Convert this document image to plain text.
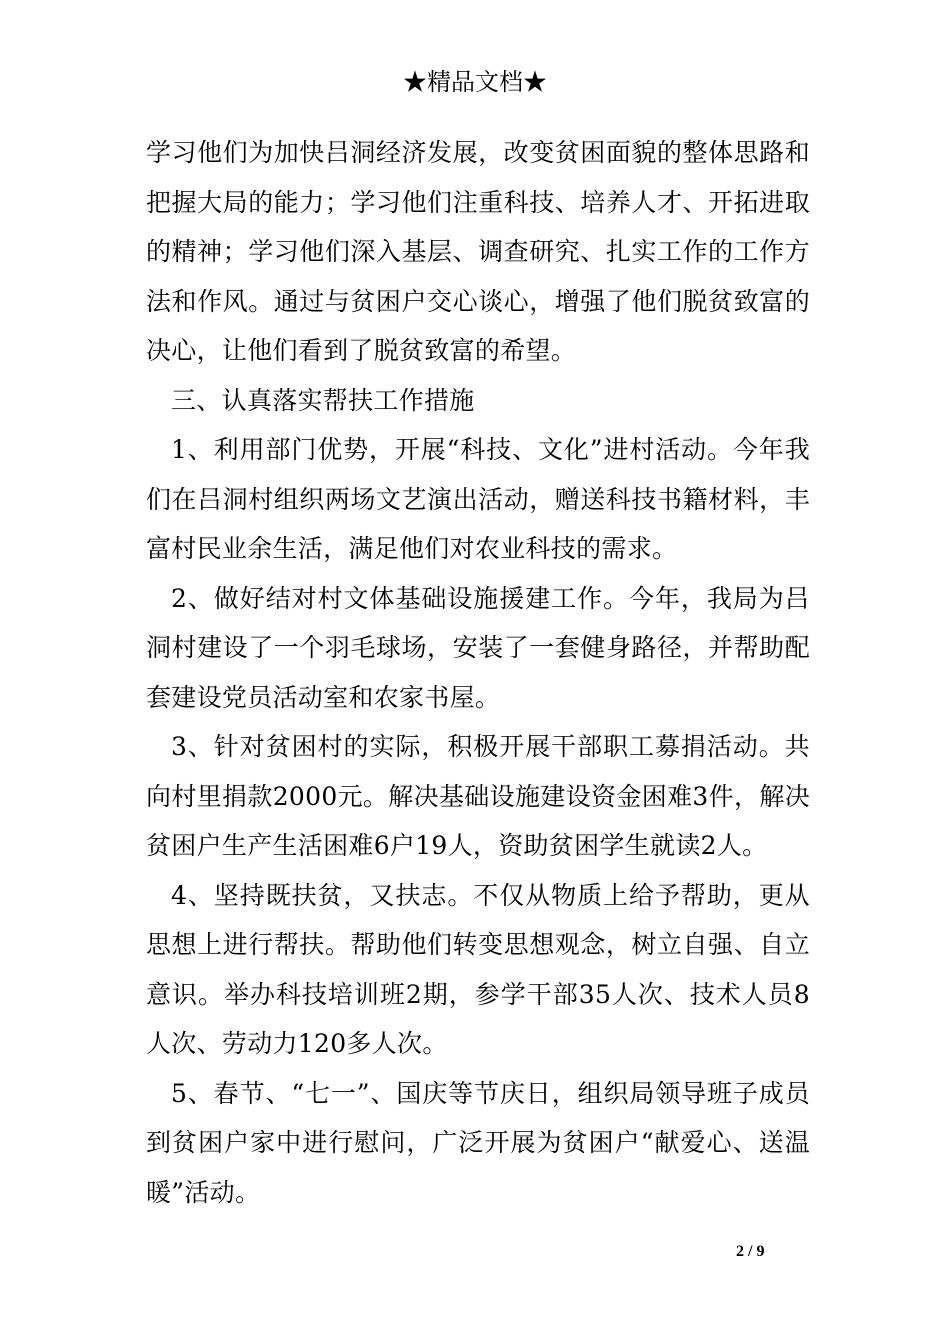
★精品文档★

学习他们为加快吕洞经济发展，改变贫困面貌的整体思路和把握大局的能力；学习他们注重科技、培养人才、开拓进取的精神；学习他们深入基层、调查研究、扎实工作的工作方法和作风。通过与贫困户交心谈心，增强了他们脱贫致富的决心，让他们看到了脱贫致富的希望。

三、认真落实帮扶工作措施

1、利用部门优势，开展“科技、文化”进村活动。今年我们在吕洞村组织两场文艺演出活动，赠送科技书籍材料，丰富村民业余生活，满足他们对农业科技的需求。

2、做好结对村文体基础设施援建工作。今年，我局为吕洞村建设了一个羽毛球场，安装了一套健身路径，并帮助配套建设党员活动室和农家书屋。

3、针对贫困村的实际，积极开展干部职工募捐活动。共向村里捐款2000元。解决基础设施建设资金困难3件，解决贫困户生产生活困难6户19人，资助贫困学生就读2人。

4、坚持既扶贫，又扶志。不仅从物质上给予帮助，更从思想上进行帮扶。帮助他们转变思想观念，树立自强、自立意识。举办科技培训班2期，参学干部35人次、技术人员8人次、劳动力120多人次。

5、春节、“七一”、国庆等节庆日，组织局领导班子成员到贫困户家中进行慰问，广泛开展为贫困户“献爱心、送温暖”活动。

2 / 9
